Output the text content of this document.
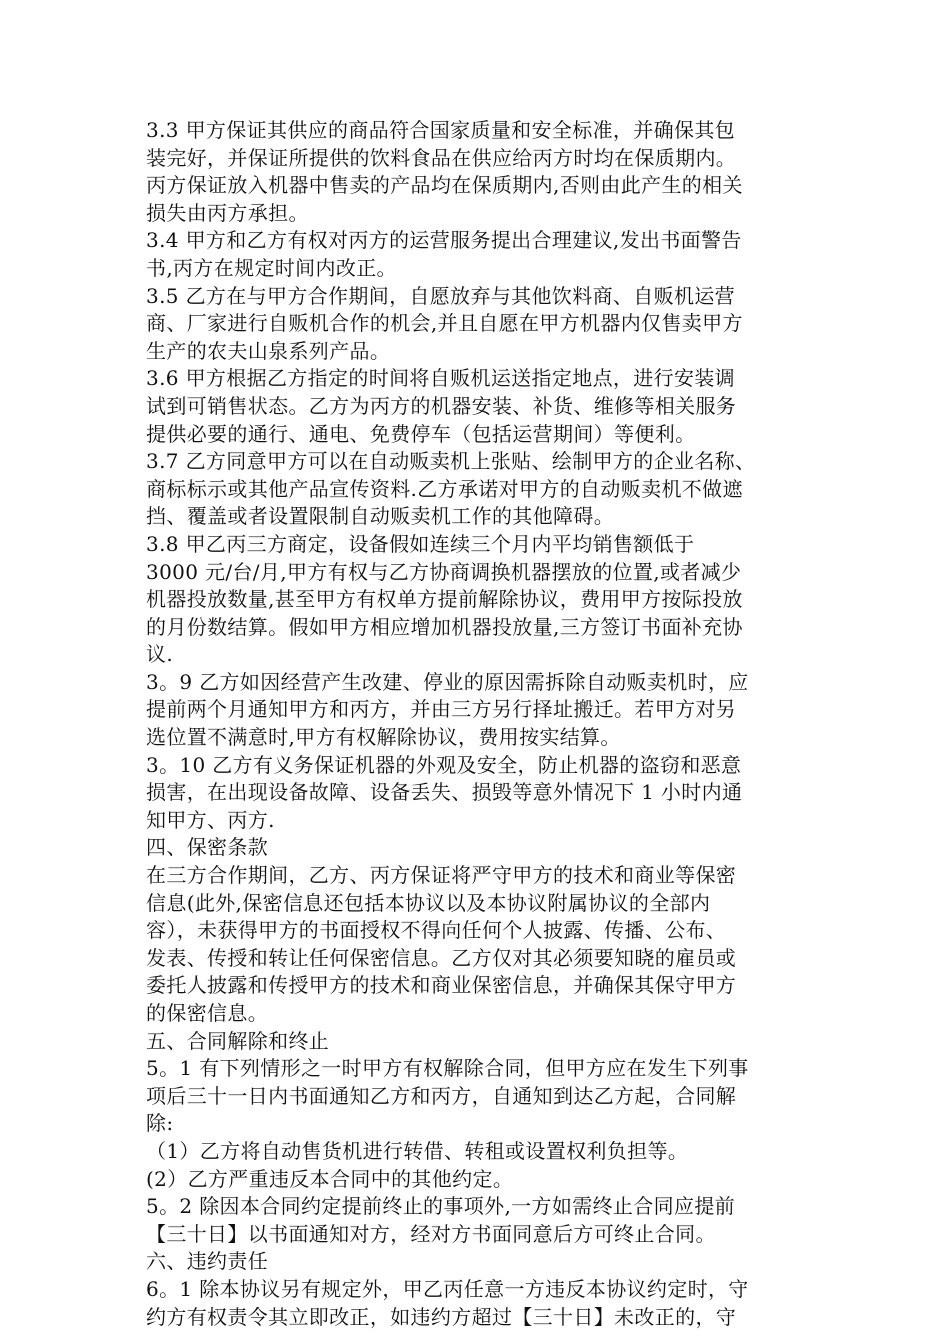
3.3 甲方保证其供应的商品符合国家质量和安全标准，并确保其包
装完好，并保证所提供的饮料食品在供应给丙方时均在保质期内。
丙方保证放入机器中售卖的产品均在保质期内,否则由此产生的相关
损失由丙方承担。
3.4 甲方和乙方有权对丙方的运营服务提出合理建议,发出书面警告
书,丙方在规定时间内改正。
3.5 乙方在与甲方合作期间，自愿放弃与其他饮料商、自贩机运营
商、厂家进行自贩机合作的机会,并且自愿在甲方机器内仅售卖甲方
生产的农夫山泉系列产品。
3.6 甲方根据乙方指定的时间将自贩机运送指定地点，进行安装调
试到可销售状态。乙方为丙方的机器安装、补货、维修等相关服务
提供必要的通行、通电、免费停车（包括运营期间）等便利。
3.7 乙方同意甲方可以在自动贩卖机上张贴、绘制甲方的企业名称、
商标标示或其他产品宣传资料.乙方承诺对甲方的自动贩卖机不做遮
挡、覆盖或者设置限制自动贩卖机工作的其他障碍。
3.8 甲乙丙三方商定，设备假如连续三个月内平均销售额低于
3000 元/台/月,甲方有权与乙方协商调换机器摆放的位置,或者减少
机器投放数量,甚至甲方有权单方提前解除协议，费用甲方按际投放
的月份数结算。假如甲方相应增加机器投放量,三方签订书面补充协
议.
3。9 乙方如因经营产生改建、停业的原因需拆除自动贩卖机时，应
提前两个月通知甲方和丙方，并由三方另行择址搬迁。若甲方对另
选位置不满意时,甲方有权解除协议，费用按实结算。
3。10 乙方有义务保证机器的外观及安全，防止机器的盗窃和恶意
损害，在出现设备故障、设备丢失、损毁等意外情况下 1 小时内通
知甲方、丙方.
四、保密条款
在三方合作期间，乙方、丙方保证将严守甲方的技术和商业等保密
信息(此外,保密信息还包括本协议以及本协议附属协议的全部内
容），未获得甲方的书面授权不得向任何个人披露、传播、公布、
发表、传授和转让任何保密信息。乙方仅对其必须要知晓的雇员或
委托人披露和传授甲方的技术和商业保密信息，并确保其保守甲方
的保密信息。
五、合同解除和终止
5。1 有下列情形之一时甲方有权解除合同，但甲方应在发生下列事
项后三十一日内书面通知乙方和丙方，自通知到达乙方起，合同解
除:
（1）乙方将自动售货机进行转借、转租或设置权利负担等。
(2）乙方严重违反本合同中的其他约定。
5。2 除因本合同约定提前终止的事项外,一方如需终止合同应提前
【三十日】以书面通知对方，经对方书面同意后方可终止合同。
六、违约责任
6。1 除本协议另有规定外，甲乙丙任意一方违反本协议约定时，守
约方有权责令其立即改正，如违约方超过【三十日】未改正的，守
